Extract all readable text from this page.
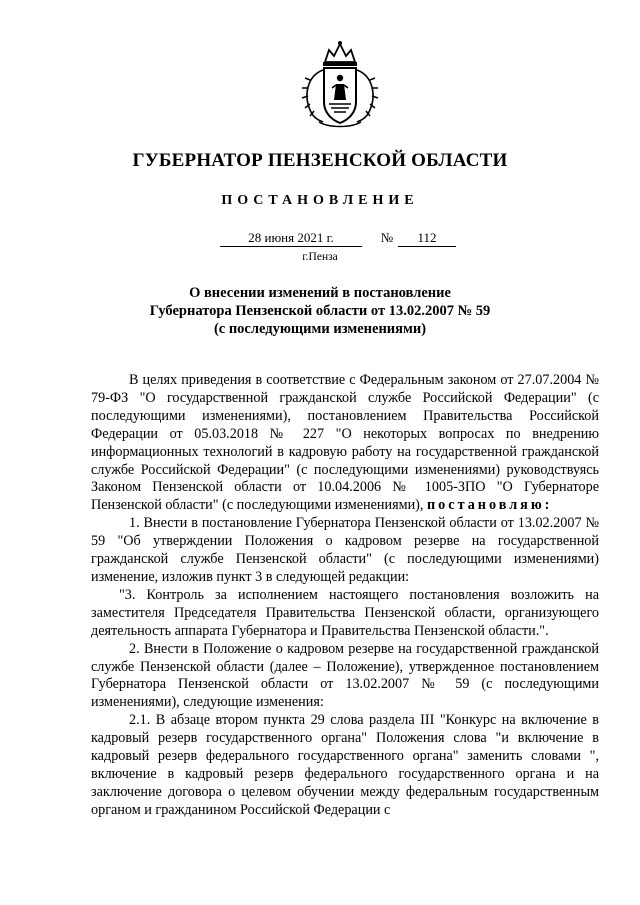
ГУБЕРНАТОР ПЕНЗЕНСКОЙ ОБЛАСТИ
ПОСТАНОВЛЕНИЕ
28 июня 2021 г.	№	112
г.Пенза
О внесении изменений в постановление
Губернатора Пензенской области от 13.02.2007 № 59
(с последующими изменениями)

В целях приведения в соответствие с Федеральным законом от 27.07.2004 № 79-ФЗ "О государственной гражданской службе Российской Федерации" (с последующими изменениями), постановлением Правительства Российской Федерации от 05.03.2018 № 227 "О некоторых вопросах по внедрению информационных технологий в кадровую работу на государственной гражданской службе Российской Федерации" (с последующими изменениями) руководствуясь Законом Пензенской области от 10.04.2006 № 1005-ЗПО "О Губернаторе Пензенской области" (с последующими изменениями), постановляю:

1. Внести в постановление Губернатора Пензенской области от 13.02.2007 № 59 "Об утверждении Положения о кадровом резерве на государственной гражданской службе Пензенской области" (с последующими изменениями) изменение, изложив пункт 3 в следующей редакции:

"3. Контроль за исполнением настоящего постановления возложить на заместителя Председателя Правительства Пензенской области, организующего деятельность аппарата Губернатора и Правительства Пензенской области.".

2. Внести в Положение о кадровом резерве на государственной гражданской службе Пензенской области (далее – Положение), утвержденное постановлением Губернатора Пензенской области от 13.02.2007 № 59 (с последующими изменениями), следующие изменения:

2.1. В абзаце втором пункта 29 слова раздела III "Конкурс на включение в кадровый резерв государственного органа" Положения слова "и включение в кадровый резерв федерального государственного органа" заменить словами ", включение в кадровый резерв федерального государственного органа и на заключение договора о целевом обучении между федеральным государственным органом и гражданином Российской Федерации с
